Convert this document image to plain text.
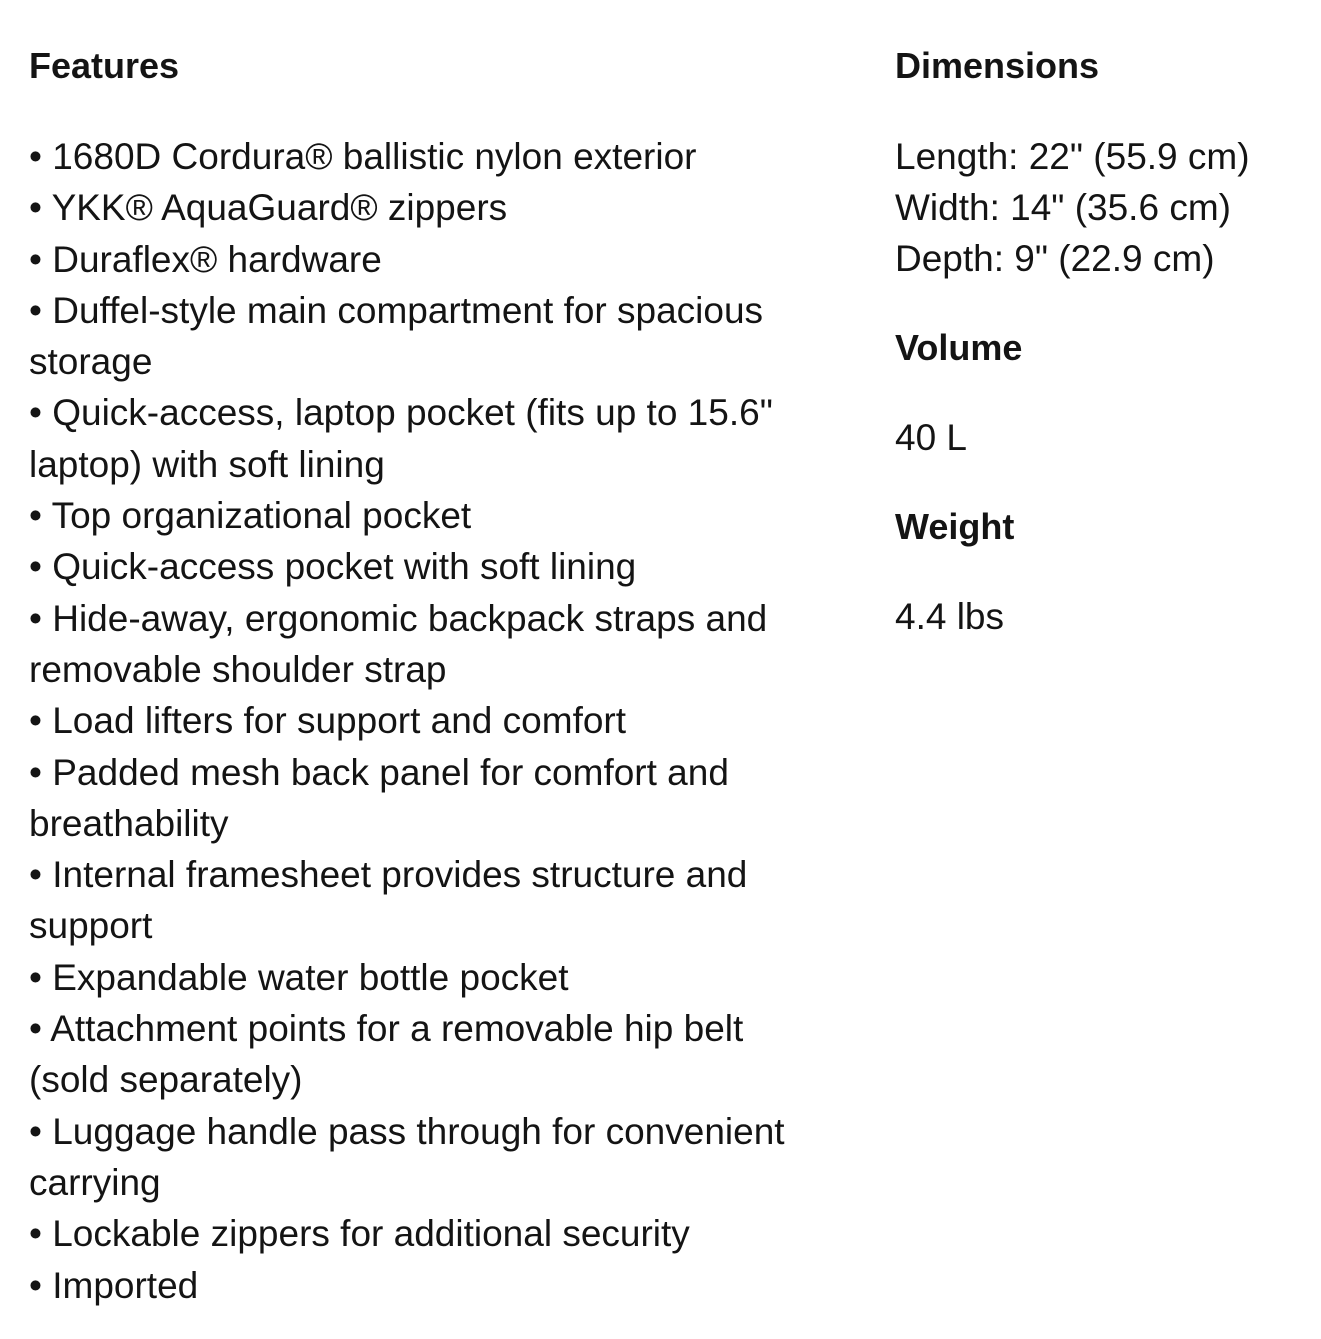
Features
• 1680D Cordura® ballistic nylon exterior
• YKK® AquaGuard® zippers
• Duraflex® hardware
• Duffel-style main compartment for spacious storage
• Quick-access, laptop pocket (fits up to 15.6" laptop) with soft lining
• Top organizational pocket
• Quick-access pocket with soft lining
• Hide-away, ergonomic backpack straps and removable shoulder strap
• Load lifters for support and comfort
• Padded mesh back panel for comfort and breathability
• Internal framesheet provides structure and support
• Expandable water bottle pocket
• Attachment points for a removable hip belt (sold separately)
• Luggage handle pass through for convenient carrying
• Lockable zippers for additional security
• Imported
Dimensions
Length: 22" (55.9 cm)
Width: 14" (35.6 cm)
Depth: 9" (22.9 cm)
Volume

40 L

Weight

4.4 lbs
